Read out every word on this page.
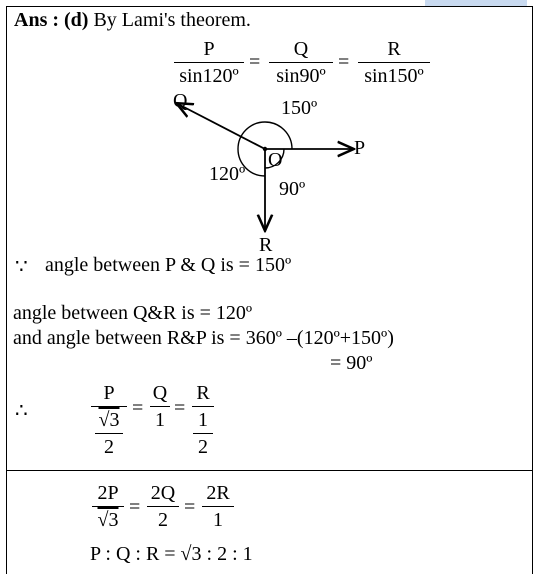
Ans : (d) By Lami's theorem.
P
sin120º
=
Q
sin90º
=
R
sin150º
Q	150º
P
O
120º
90º
R
∵ angle between P & Q is = 150º
angle between Q&R is = 120º
and angle between R&P is = 360º –(120º+150º)
= 90º
∴
P
√3
2
=
Q
1
=
R
1
2
$\frac{2P}{√3}$ =
2Q
2
=
2R
1
P : Q : R = √3 : 2 : 1
